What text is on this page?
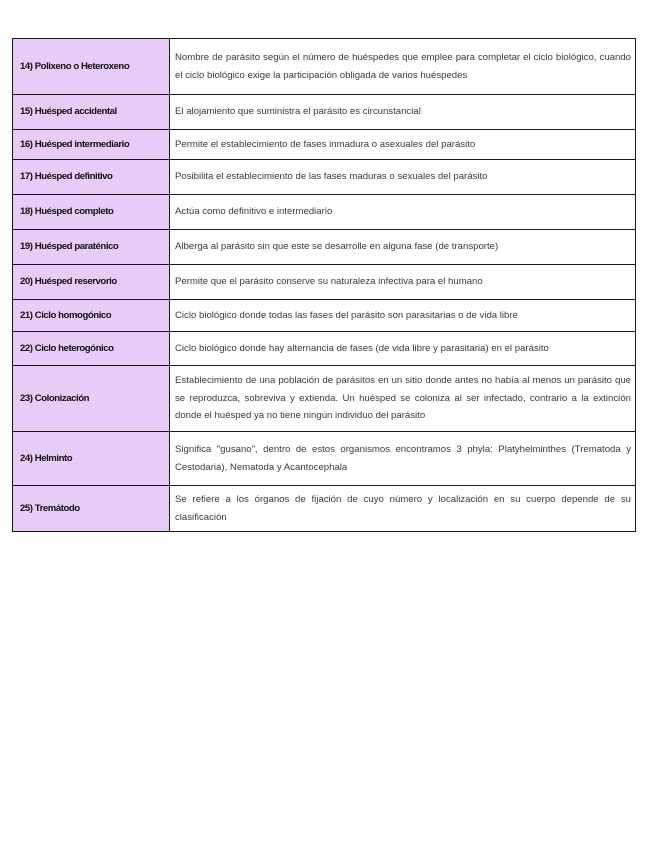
14) Polixeno o Heteroxeno	Nombre de parásito según el número de huéspedes que emplee para completar el ciclo biológico, cuando el ciclo biológico exige la participación obligada de varios huéspedes
15) Huésped accidental	El alojamiento que suministra el parásito es circunstancial
16) Huésped intermediario	Permite el establecimiento de fases inmadura o asexuales del parásito
17) Huésped definitivo	Posibilita el establecimiento de las fases maduras o sexuales del parásito
18) Huésped completo	Actúa como definitivo e intermediario
19) Huésped paraténico	Alberga al parásito sin que este se desarrolle en alguna fase (de transporte)
20) Huésped reservorio	Permite que el parásito conserve su naturaleza infectiva para el humano
21) Ciclo homogónico	Ciclo biológico donde todas las fases del parásito son parasitarias o de vida libre
22) Ciclo heterogónico	Ciclo biológico donde hay alternancia de fases (de vida libre y parasitaria) en el parásito
23) Colonización	Establecimiento de una población de parásitos en un sitio donde antes no había al menos un parásito que se reproduzca, sobreviva y extienda. Un huésped se coloniza al ser infectado, contrario a la extinción donde el huésped ya no tiene ningún individuo del parásito
24) Helminto	Significa "gusano", dentro de estos organismos encontramos 3 phyla: Platyhelminthes (Trematoda y Cestodaria), Nematoda y Acantocephala
25) Tremátodo	Se refiere a los órganos de fijación de cuyo número y localización en su cuerpo depende de su clasificación
